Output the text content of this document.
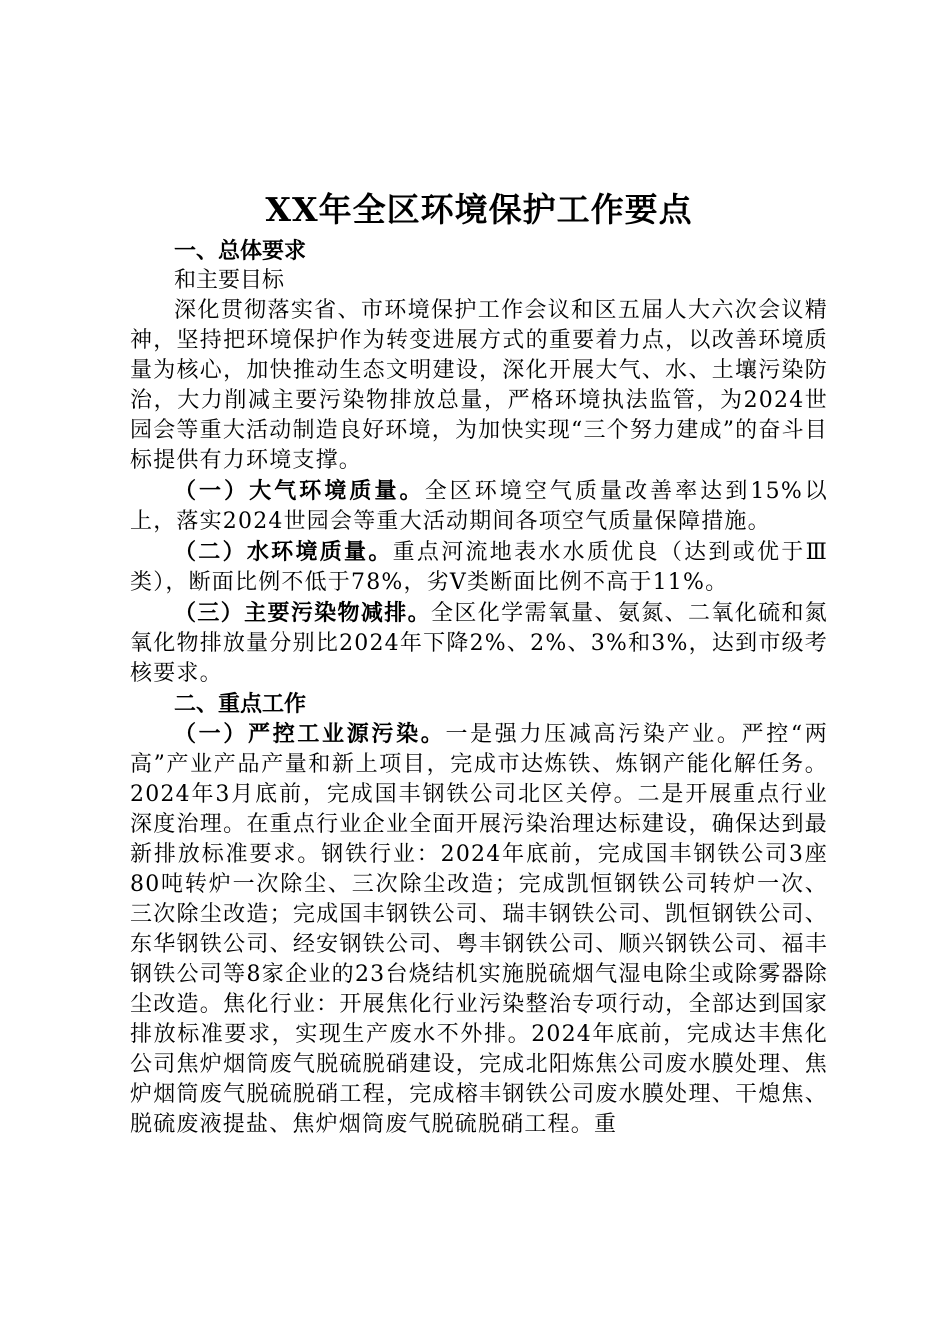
XX年全区环境保护工作要点

一、总体要求

和主要目标

深化贯彻落实省、市环境保护工作会议和区五届人大六次会议精神，坚持把环境保护作为转变进展方式的重要着力点，以改善环境质量为核心，加快推动生态文明建设，深化开展大气、水、土壤污染防治，大力削减主要污染物排放总量，严格环境执法监管，为2024世园会等重大活动制造良好环境，为加快实现“三个努力建成”的奋斗目标提供有力环境支撑。

（一）大气环境质量。全区环境空气质量改善率达到15%以上，落实2024世园会等重大活动期间各项空气质量保障措施。

（二）水环境质量。重点河流地表水水质优良（达到或优于Ⅲ类），断面比例不低于78%，劣Ⅴ类断面比例不高于11%。

（三）主要污染物减排。全区化学需氧量、氨氮、二氧化硫和氮氧化物排放量分别比2024年下降2%、2%、3%和3%，达到市级考核要求。

二、重点工作

（一）严控工业源污染。一是强力压减高污染产业。严控“两高”产业产品产量和新上项目，完成市达炼铁、炼钢产能化解任务。2024年3月底前，完成国丰钢铁公司北区关停。二是开展重点行业深度治理。在重点行业企业全面开展污染治理达标建设，确保达到最新排放标准要求。钢铁行业：2024年底前，完成国丰钢铁公司3座80吨转炉一次除尘、三次除尘改造；完成凯恒钢铁公司转炉一次、三次除尘改造；完成国丰钢铁公司、瑞丰钢铁公司、凯恒钢铁公司、东华钢铁公司、经安钢铁公司、粤丰钢铁公司、顺兴钢铁公司、福丰钢铁公司等8家企业的23台烧结机实施脱硫烟气湿电除尘或除雾器除尘改造。焦化行业：开展焦化行业污染整治专项行动，全部达到国家排放标准要求，实现生产废水不外排。2024年底前，完成达丰焦化公司焦炉烟筒废气脱硫脱硝建设，完成北阳炼焦公司废水膜处理、焦炉烟筒废气脱硫脱硝工程，完成榕丰钢铁公司废水膜处理、干熄焦、脱硫废液提盐、焦炉烟筒废气脱硫脱硝工程。重
